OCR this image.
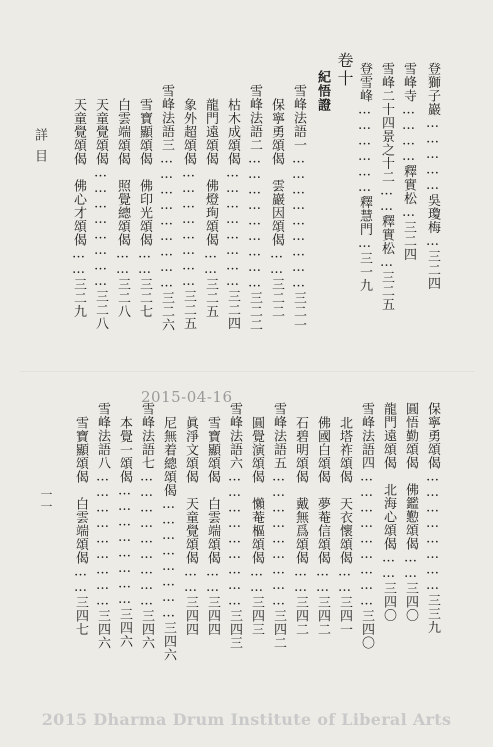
卷十
紀悟證	登獅子巖……………吳瓊梅…三二四
雪峰寺…………釋實松…三二四
雪峰二十四景之十二……釋實松…三二五
登雪峰………………釋慧門…三一九
雪峰法語一………………………三二一
保寧勇頌偈　雲巖因頌偈……三二二
雪峰法語二………………………三二二
枯木成頌偈……………………三二四
龍門遠頌偈　佛燈珣頌偈……三二五
象外超頌偈……………………三二五
雪峰法語三………………………三二六
雪寶顯頌偈　佛印光頌偈……三二七
白雲端頌偈　照覺總頌偈……三二八
天童覺頌偈……………………三二八
天童覺頌偈　佛心才頌偈……三二九
詳目
保寧勇頌偈……………………三三九
圓悟勤頌偈　佛鑑懃頌偈……三四〇
龍門遠頌偈　北海心頌偈……三四〇
雪峰法語四………………………三四〇
北塔祚頌偈　天衣懷頌偈……三四一
佛國白頌偈　夢菴信頌偈……三四二
石碧明頌偈　戴無爲頌偈……三四二
雪峰法語五………………………三四二
圓覺演頌偈　懶菴樞頌偈……三四三
雪峰法語六………………………三四三
雪寶顯頌偈　白雲端頌偈……三四四
眞淨文頌偈　天童覺頌偈……三四四
尼無着總頌偈……………………三四六
雪峰法語七………………………三四六
本覺一頌偈……………………三四六
雪峰法語八………………………三四六
雪寶顯頌偈　白雲端頌偈……三四七
一一
2015-04-16
2015 Dharma Drum Institute of Liberal Arts
